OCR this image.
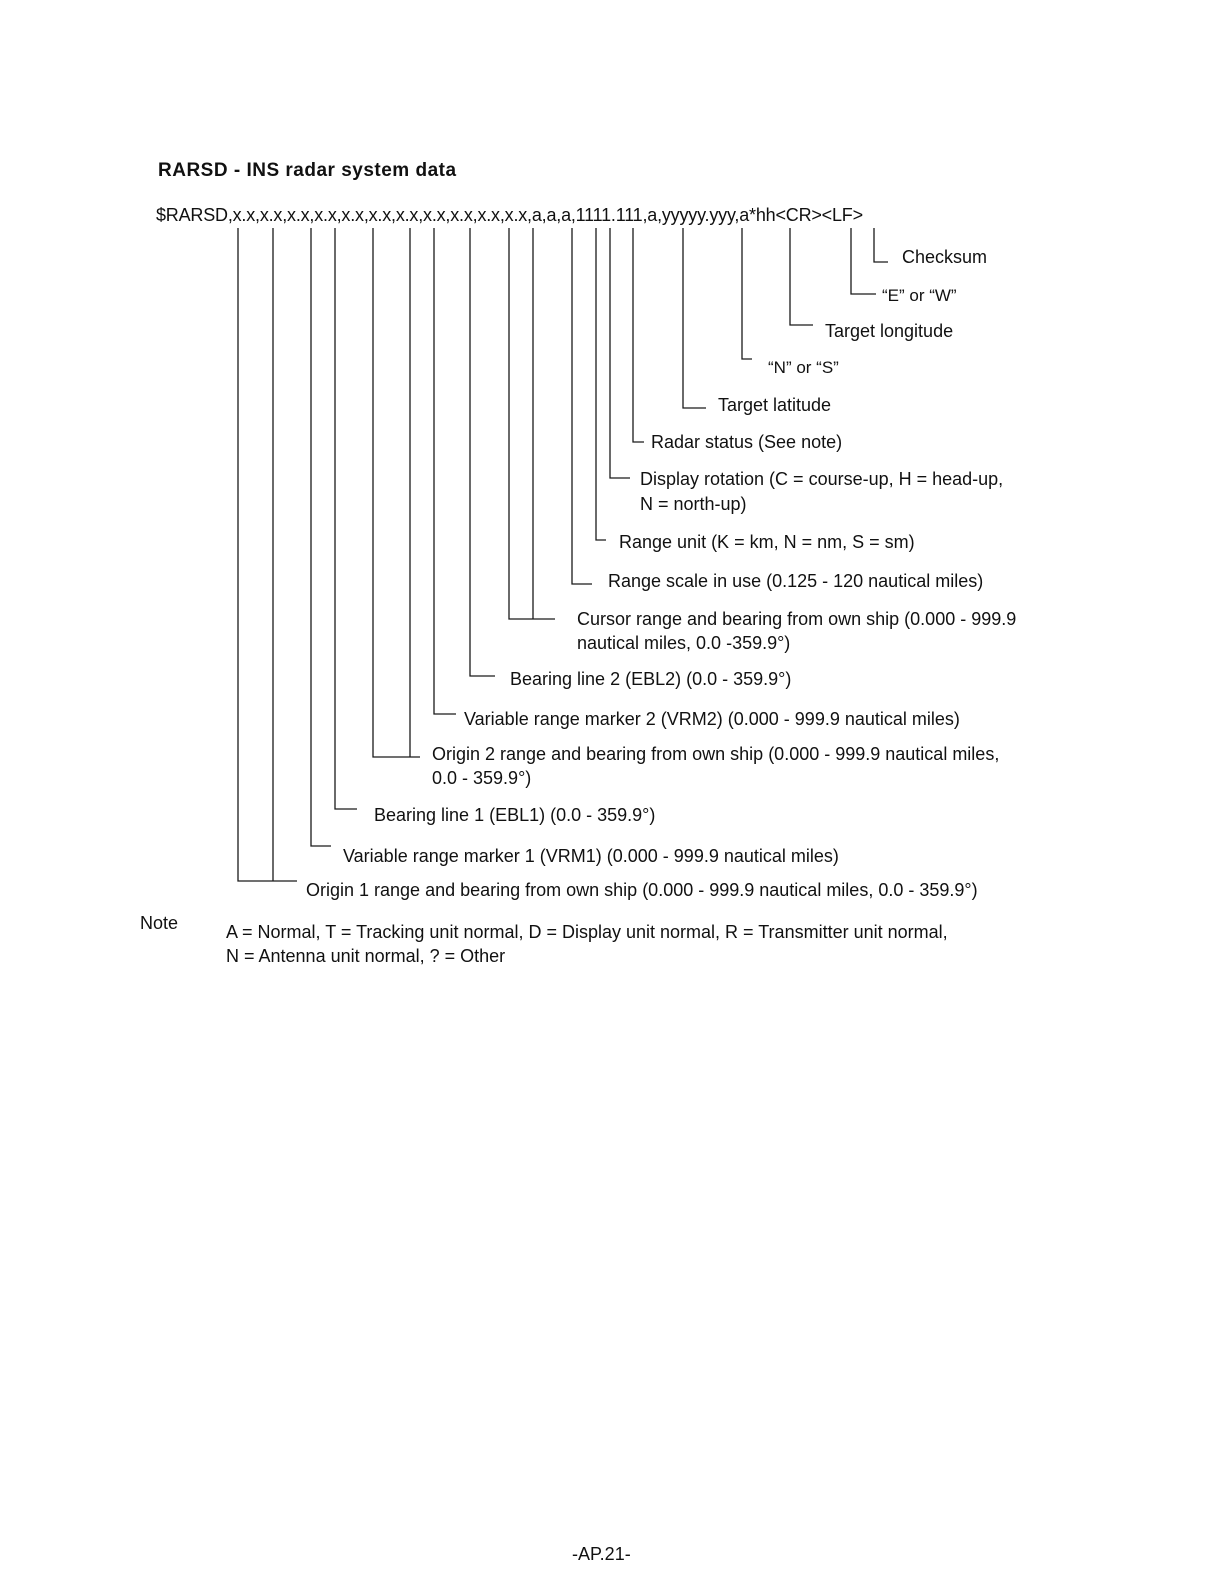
RARSD - INS radar system data
$RARSD,x.x,x.x,x.x,x.x,x.x,x.x,x.x,x.x,x.x,x.x,x.x,a,a,a,1111.111,a,yyyyy.yyy,a*hh<CR><LF>
Checksum
“E” or “W”
Target longitude
“N” or “S”
Target latitude
Radar status (See note)
Display rotation (C = course-up, H = head-up,
N = north-up)
Range unit (K = km, N = nm, S = sm)
Range scale in use (0.125 - 120 nautical miles)
Cursor range and bearing from own ship (0.000 - 999.9
nautical miles, 0.0 -359.9°)
Bearing line 2 (EBL2) (0.0 - 359.9°)
Variable range marker 2 (VRM2) (0.000 - 999.9 nautical miles)
Origin 2 range and bearing from own ship (0.000 - 999.9 nautical miles,
0.0 - 359.9°)
Bearing line 1 (EBL1) (0.0 - 359.9°)
Variable range marker 1 (VRM1) (0.000 - 999.9 nautical miles)
Origin 1 range and bearing from own ship (0.000 - 999.9 nautical miles, 0.0 - 359.9°)
Note	A = Normal, T = Tracking unit normal, D = Display unit normal, R = Transmitter unit normal,
N = Antenna unit normal, ? = Other
-AP.21-
